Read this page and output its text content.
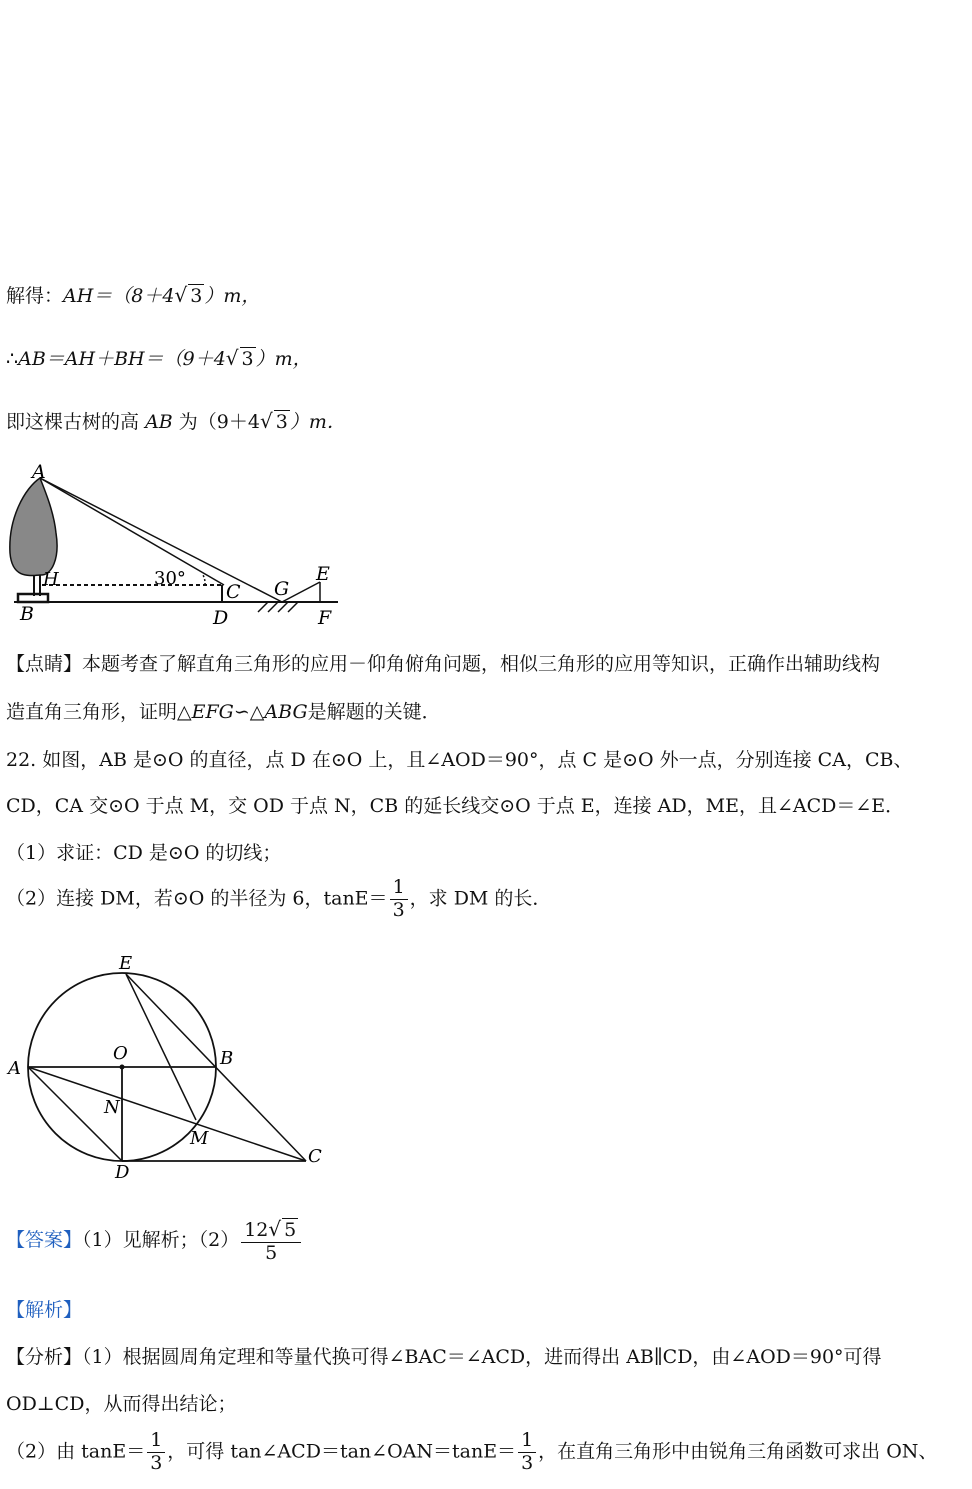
解得：AH＝（8＋4√ 3 ）m，
∴AB＝AH＋BH＝（9＋4√ 3 ）m，
即这棵古树的高 AB 为（9＋4√ 3 ）m．
A
H
B
30°
C
D
G
E
F
【点睛】本题考查了解直角三角形的应用－仰角俯角问题，相似三角形的应用等知识，正确作出辅助线构
造直角三角形，证明△EFG∽△ABG是解题的关键．
22. 如图，AB 是⊙O 的直径，点 D 在⊙O 上，且∠AOD＝90°，点 C 是⊙O 外一点，分别连接 CA，CB、
CD，CA 交⊙O 于点 M，交 OD 于点 N，CB 的延长线交⊙O 于点 E，连接 AD，ME，且∠ACD＝∠E．
（1）求证：CD 是⊙O 的切线；
（2）连接 DM，若⊙O 的半径为 6，$\tan E= \frac{1}{3}$ ，求 DM 的长．
E
O	B
A
N
M
D
C
【答案】（1）见解析；$(2) \frac{12√ 5}{5}$
【解析】
【分析】（1）根据圆周角定理和等量代换可得∠BAC＝∠ACD，进而得出 AB∥CD，由∠AOD＝90°可得
OD⊥CD，从而得出结论；
（2）由 $\tan E= \frac{1}{3}$ ，可得 tan∠ACD＝tan∠OAN＝tanE＝ $\frac{1}{3}$ ，在直角三角形中由锐角三角函数可求出 ON、
